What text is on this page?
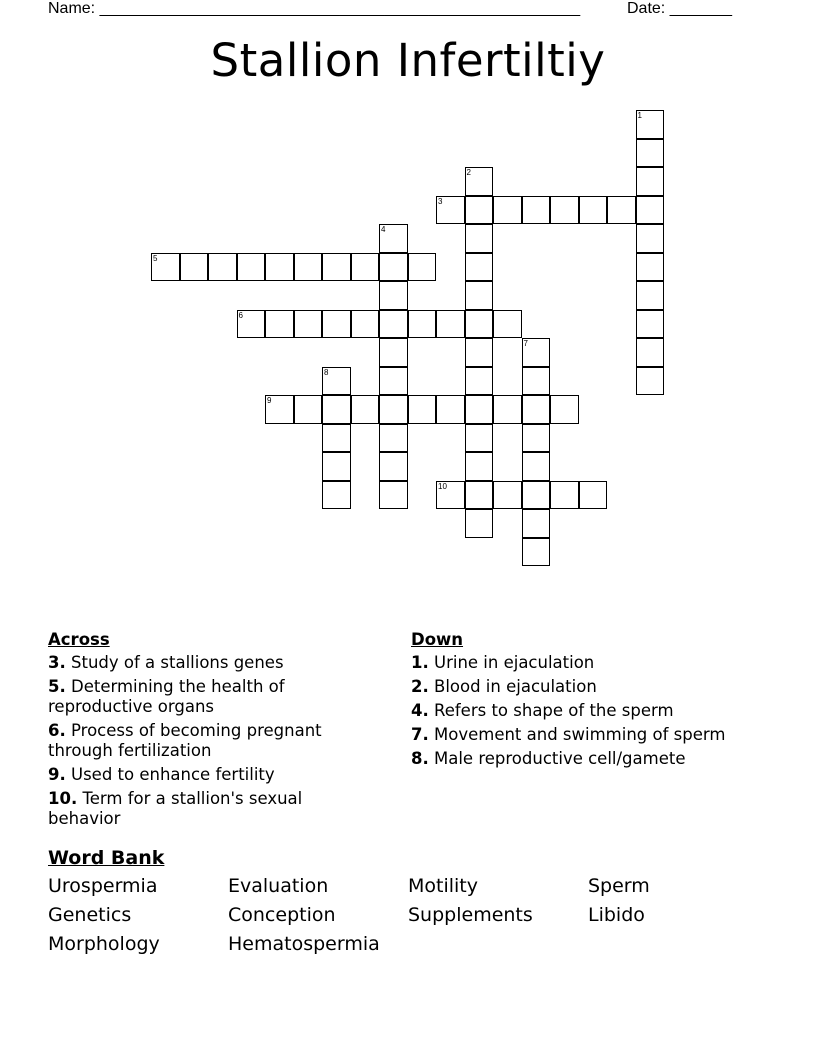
Name: ______________________________________________________	Date: _______
Stallion Infertiltiy
1
2
3
4
5
6
7
8
9
10
Across
3. Study of a stallions genes
5. Determining the health of reproductive organs
6. Process of becoming pregnant through fertilization
9. Used to enhance fertility
10. Term for a stallion's sexual behavior
Down
1. Urine in ejaculation
2. Blood in ejaculation
4. Refers to shape of the sperm
7. Movement and swimming of sperm
8. Male reproductive cell/gamete
Word Bank
Urospermia	Evaluation	Motility	Sperm
Genetics	Conception	Supplements	Libido
Morphology	Hematospermia
